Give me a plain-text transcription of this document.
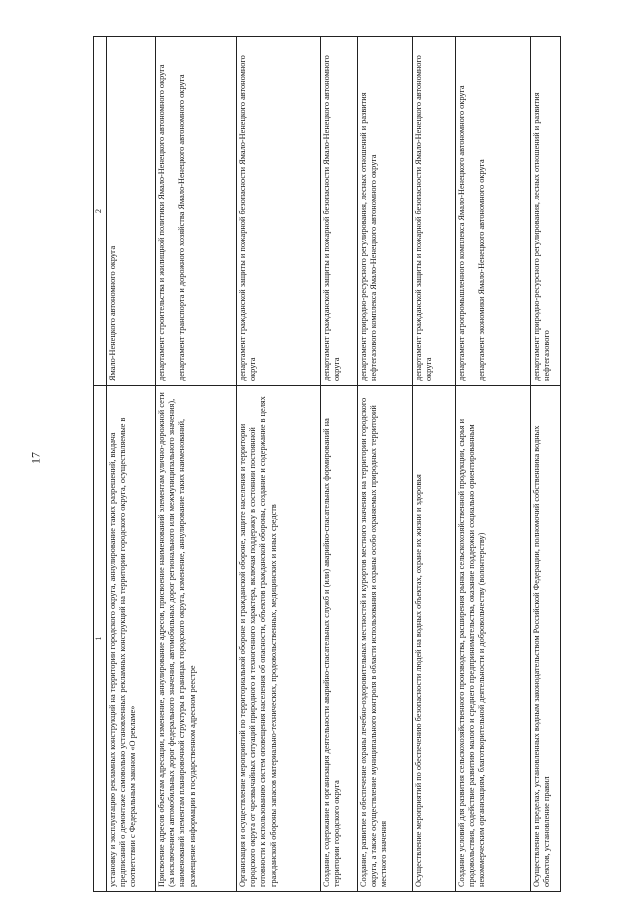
17
1	2
установку и эксплуатацию рекламных конструкций на территории городского округа, аннулирование таких разрешений, выдача предписаний о демонтаже самовольно установленных рекламных конструкций на территории городского округа, осуществляемые в соответствии с Федеральным законом «О рекламе»	Ямало-Ненецкого автономного округа
Присвоение адресов объектам адресации, изменение, аннулирование адресов, присвоение наименований элементам улично-дорожной сети (за исключением автомобильных дорог федерального значения, автомобильных дорог регионального или межмуниципального значения), наименований элементам планировочной структуры в границах городского округа, изменение, аннулирование таких наименований, размещение информации в государственном адресном реестре	департамент строительства и жилищной политики Ямало-Ненецкого автономного округа

департамент транспорта и дорожного хозяйства Ямало-Ненецкого автономного округа
Организация и осуществление мероприятий по территориальной обороне и гражданской обороне, защите населения и территории городского округа от чрезвычайных ситуаций природного и техногенного характера, включая поддержку в состоянии постоянной готовности к использованию систем оповещения населения об опасности, объектов гражданской обороны, создание и содержание в целях гражданской обороны запасов материально-технических, продовольственных, медицинских и иных средств	департамент гражданской защиты и пожарной безопасности Ямало-Ненецкого автономного округа
Создание, содержание и организация деятельности аварийно-спасательных служб и (или) аварийно-спасательных формирований на территории городского округа	департамент гражданской защиты и пожарной безопасности Ямало-Ненецкого автономного округа
Создание, развитие и обеспечение охраны лечебно-оздоровительных местностей и курортов местного значения на территории городского округа, а также осуществление муниципального контроля в области использования и охраны особо охраняемых природных территорий местного значения	департамент природно-ресурсного регулирования, лесных отношений и развития нефтегазового комплекса Ямало-Ненецкого автономного округа
Осуществление мероприятий по обеспечению безопасности людей на водных объектах, охране их жизни и здоровья	департамент гражданской защиты и пожарной безопасности Ямало-Ненецкого автономного округа
Создание условий для развития сельскохозяйственного производства, расширения рынка сельскохозяйственной продукции, сырья и продовольствия, содействие развитию малого и среднего предпринимательства, оказание поддержки социально ориентированным некоммерческим организациям, благотворительной деятельности и добровольчеству (волонтерству)	департамент агропромышленного комплекса Ямало-Ненецкого автономного округа

департамент экономики Ямало-Ненецкого автономного округа
Осуществление в пределах, установленных водным законодательством Российской Федерации, полномочий собственника водных объектов, установление правил	департамент природно-ресурсного регулирования, лесных отношений и развития нефтегазового
